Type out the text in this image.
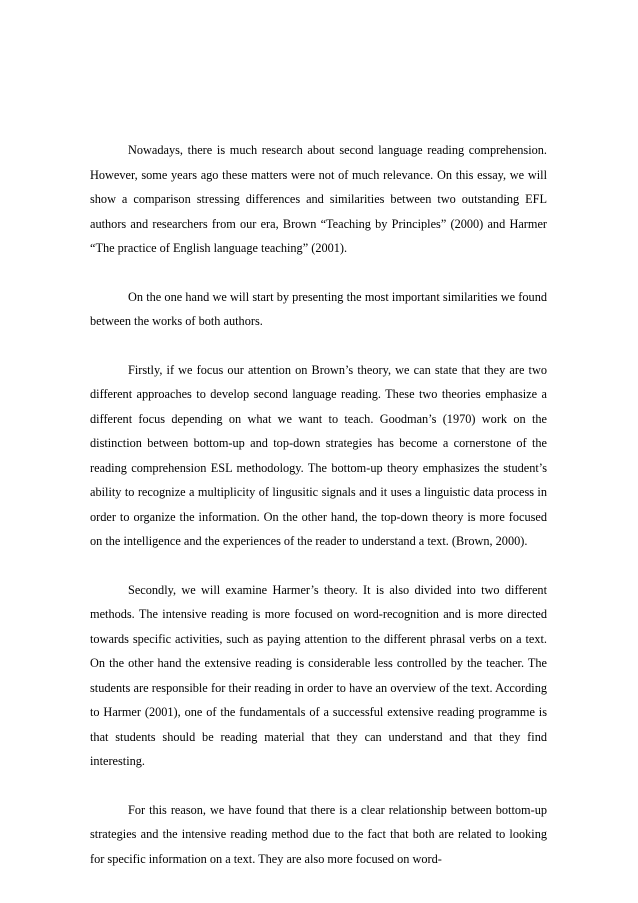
Nowadays, there is much research about second language reading comprehension. However, some years ago these matters were not of much relevance. On this essay, we will show a comparison stressing differences and similarities between two outstanding EFL authors and researchers from our era, Brown “Teaching by Principles” (2000) and Harmer “The practice of English language teaching” (2001).

On the one hand we will start by presenting the most important similarities we found between the works of both authors.

Firstly, if we focus our attention on Brown’s theory, we can state that they are two different approaches to develop second language reading. These two theories emphasize a different focus depending on what we want to teach. Goodman’s (1970) work on the distinction between bottom-up and top-down strategies has become a cornerstone of the reading comprehension ESL methodology. The bottom-up theory emphasizes the student’s ability to recognize a multiplicity of lingusitic signals and it uses a linguistic data process in order to organize the information. On the other hand, the top-down theory is more focused on the intelligence and the experiences of the reader to understand a text. (Brown, 2000).

Secondly, we will examine Harmer’s theory. It is also divided into two different methods. The intensive reading is more focused on word-recognition and is more directed towards specific activities, such as paying attention to the different phrasal verbs on a text. On the other hand the extensive reading is considerable less controlled by the teacher. The students are responsible for their reading in order to have an overview of the text. According to Harmer (2001), one of the fundamentals of a successful extensive reading programme is that students should be reading material that they can understand and that they find interesting.

For this reason, we have found that there is a clear relationship between bottom-up strategies and the intensive reading method due to the fact that both are related to looking for specific information on a text. They are also more focused on word-
